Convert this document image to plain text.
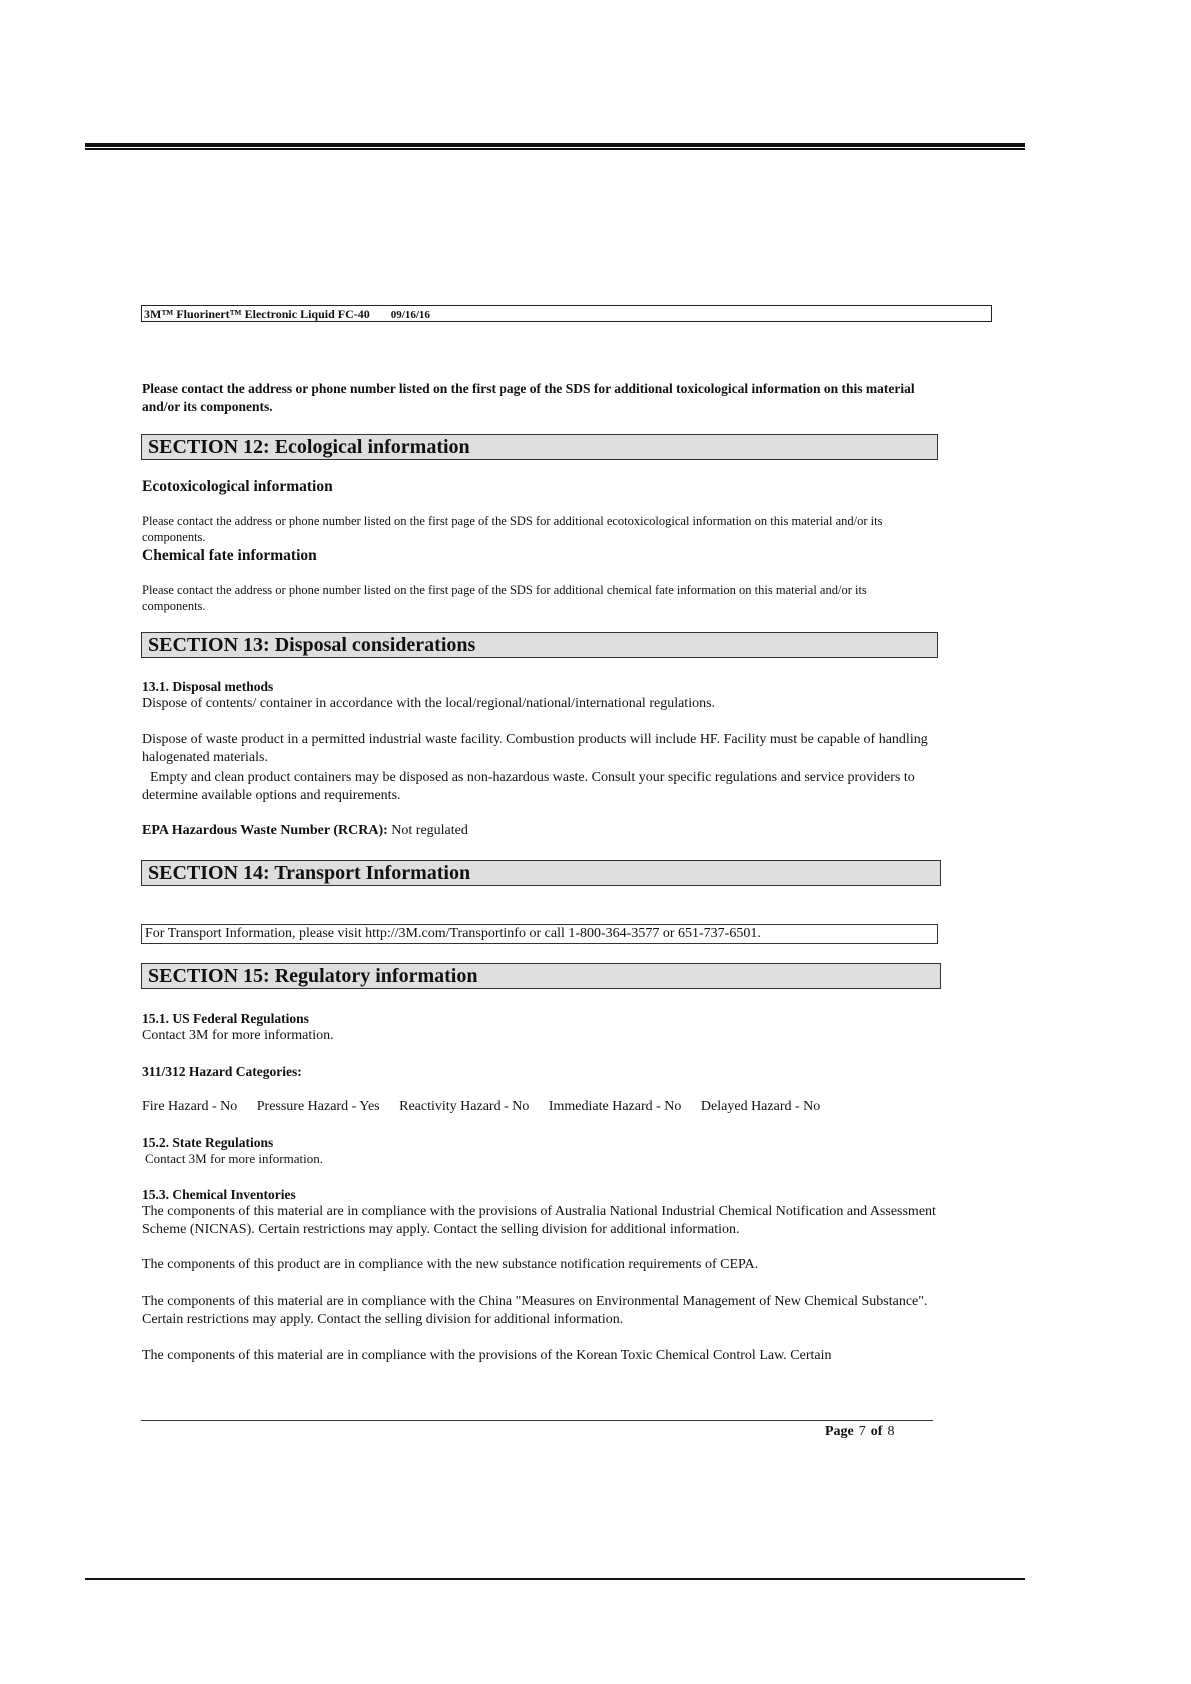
3M™ Fluorinert™ Electronic Liquid FC-40 09/16/16
Please contact the address or phone number listed on the first page of the SDS for additional toxicological information on this material and/or its components.
SECTION 12: Ecological information
Ecotoxicological information
Please contact the address or phone number listed on the first page of the SDS for additional ecotoxicological information on this material and/or its components.
Chemical fate information
Please contact the address or phone number listed on the first page of the SDS for additional chemical fate information on this material and/or its components.
SECTION 13: Disposal considerations
13.1. Disposal methods
Dispose of contents/ container in accordance with the local/regional/national/international regulations.
Dispose of waste product in a permitted industrial waste facility. Combustion products will include HF. Facility must be capable of handling halogenated materials.
Empty and clean product containers may be disposed as non-hazardous waste. Consult your specific regulations and service providers to determine available options and requirements.
EPA Hazardous Waste Number (RCRA): Not regulated
SECTION 14: Transport Information
For Transport Information, please visit http://3M.com/Transportinfo or call 1-800-364-3577 or 651-737-6501.
SECTION 15: Regulatory information
15.1. US Federal Regulations
Contact 3M for more information.
311/312 Hazard Categories:
Fire Hazard - No Pressure Hazard - Yes Reactivity Hazard - No Immediate Hazard - No Delayed Hazard - No
15.2. State Regulations
Contact 3M for more information.
15.3. Chemical Inventories
The components of this material are in compliance with the provisions of Australia National Industrial Chemical Notification and Assessment Scheme (NICNAS). Certain restrictions may apply. Contact the selling division for additional information.
The components of this product are in compliance with the new substance notification requirements of CEPA.
The components of this material are in compliance with the China "Measures on Environmental Management of New Chemical Substance". Certain restrictions may apply. Contact the selling division for additional information.
The components of this material are in compliance with the provisions of the Korean Toxic Chemical Control Law. Certain
Page 7 of 8
